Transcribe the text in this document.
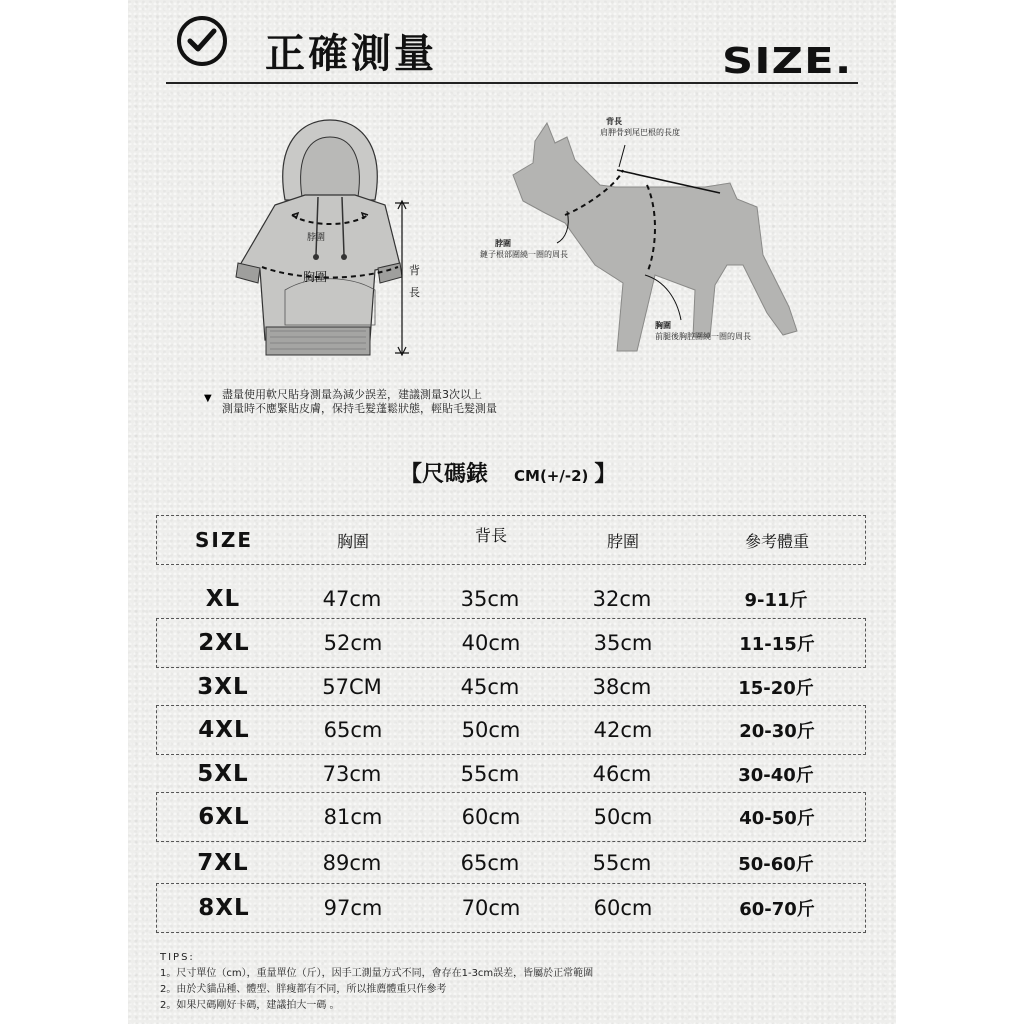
正確測量	SIZE.
脖圍
胸圍	背
長
背長
肩胛骨到尾巴根的長度
脖圍
鏈子根部圍繞一圈的周長
胸圍
前腿後胸腔圍繞一圈的周長
▼ 盡量使用軟尺貼身測量為減少誤差，建議測量3次以上
測量時不應緊貼皮膚，保持毛髮蓬鬆狀態，輕貼毛髮測量
【尺碼錶 CM(+/-2) 】
SIZE	胸圍	背長	脖圍	參考體重
XL	47cm	35cm	32cm	9-11斤
2XL	52cm	40cm	35cm	11-15斤
3XL	57CM	45cm	38cm	15-20斤
4XL	65cm	50cm	42cm	20-30斤
5XL	73cm	55cm	46cm	30-40斤
6XL	81cm	60cm	50cm	40-50斤
7XL	89cm	65cm	55cm	50-60斤
8XL	97cm	70cm	60cm	60-70斤
TIPS:
1。尺寸單位（cm），重量單位（斤），因手工測量方式不同，會存在1-3cm誤差，皆屬於正常範圍
2。由於犬貓品種、體型、胖瘦都有不同，所以推薦體重只作參考
2。如果尺碼剛好卡碼，建議拍大一碼 。
